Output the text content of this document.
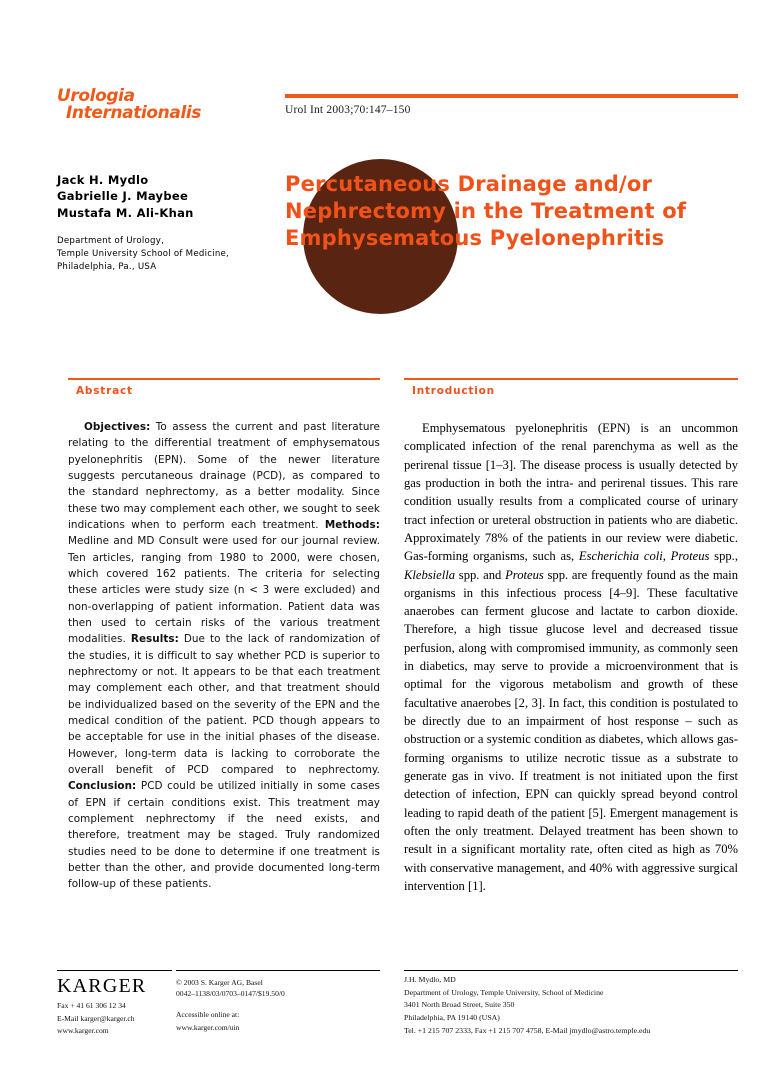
Urologia
Internationalis	Urol Int 2003;70:147–150
Jack H. Mydlo
Gabrielle J. Maybee
Mustafa M. Ali-Khan
Department of Urology,
Temple University School of Medicine,
Philadelphia, Pa., USA
Percutaneous Drainage and/or Nephrectomy in the Treatment of Emphysematous Pyelonephritis
Abstract
Objectives: To assess the current and past literature relating to the differential treatment of emphysematous pyelonephritis (EPN). Some of the newer literature suggests percutaneous drainage (PCD), as compared to the standard nephrectomy, as a better modality. Since these two may complement each other, we sought to seek indications when to perform each treatment. Methods: Medline and MD Consult were used for our journal review. Ten articles, ranging from 1980 to 2000, were chosen, which covered 162 patients. The criteria for selecting these articles were study size (n < 3 were excluded) and non-overlapping of patient information. Patient data was then used to certain risks of the various treatment modalities. Results: Due to the lack of randomization of the studies, it is difficult to say whether PCD is superior to nephrectomy or not. It appears to be that each treatment may complement each other, and that treatment should be individualized based on the severity of the EPN and the medical condition of the patient. PCD though appears to be acceptable for use in the initial phases of the disease. However, long-term data is lacking to corroborate the overall benefit of PCD compared to nephrectomy. Conclusion: PCD could be utilized initially in some cases of EPN if certain conditions exist. This treatment may complement nephrectomy if the need exists, and therefore, treatment may be staged. Truly randomized studies need to be done to determine if one treatment is better than the other, and provide documented long-term follow-up of these patients.
Introduction
Emphysematous pyelonephritis (EPN) is an uncommon complicated infection of the renal parenchyma as well as the perirenal tissue [1–3]. The disease process is usually detected by gas production in both the intra- and perirenal tissues. This rare condition usually results from a complicated course of urinary tract infection or ureteral obstruction in patients who are diabetic. Approximately 78% of the patients in our review were diabetic. Gas-forming organisms, such as, Escherichia coli, Proteus spp., Klebsiella spp. and Proteus spp. are frequently found as the main organisms in this infectious process [4–9]. These facultative anaerobes can ferment glucose and lactate to carbon dioxide. Therefore, a high tissue glucose level and decreased tissue perfusion, along with compromised immunity, as commonly seen in diabetics, may serve to provide a microenvironment that is optimal for the vigorous metabolism and growth of these facultative anaerobes [2, 3]. In fact, this condition is postulated to be directly due to an impairment of host response – such as obstruction or a systemic condition as diabetes, which allows gas-forming organisms to utilize necrotic tissue as a substrate to generate gas in vivo. If treatment is not initiated upon the first detection of infection, EPN can quickly spread beyond control leading to rapid death of the patient [5]. Emergent management is often the only treatment. Delayed treatment has been shown to result in a significant mortality rate, often cited as high as 70% with conservative management, and 40% with aggressive surgical intervention [1].
KARGER
Fax + 41 61 306 12 34
E-Mail karger@karger.ch
www.karger.com
© 2003 S. Karger AG, Basel
0042–1138/03/0703–0147/$19.50/0
Accessible online at:
www.karger.com/uin
J.H. Mydlo, MD
Department of Urology, Temple University, School of Medicine
3401 North Broad Street, Suite 350
Philadelphia, PA 19140 (USA)
Tel. +1 215 707 2333, Fax +1 215 707 4758, E-Mail jmydlo@astro.temple.edu
